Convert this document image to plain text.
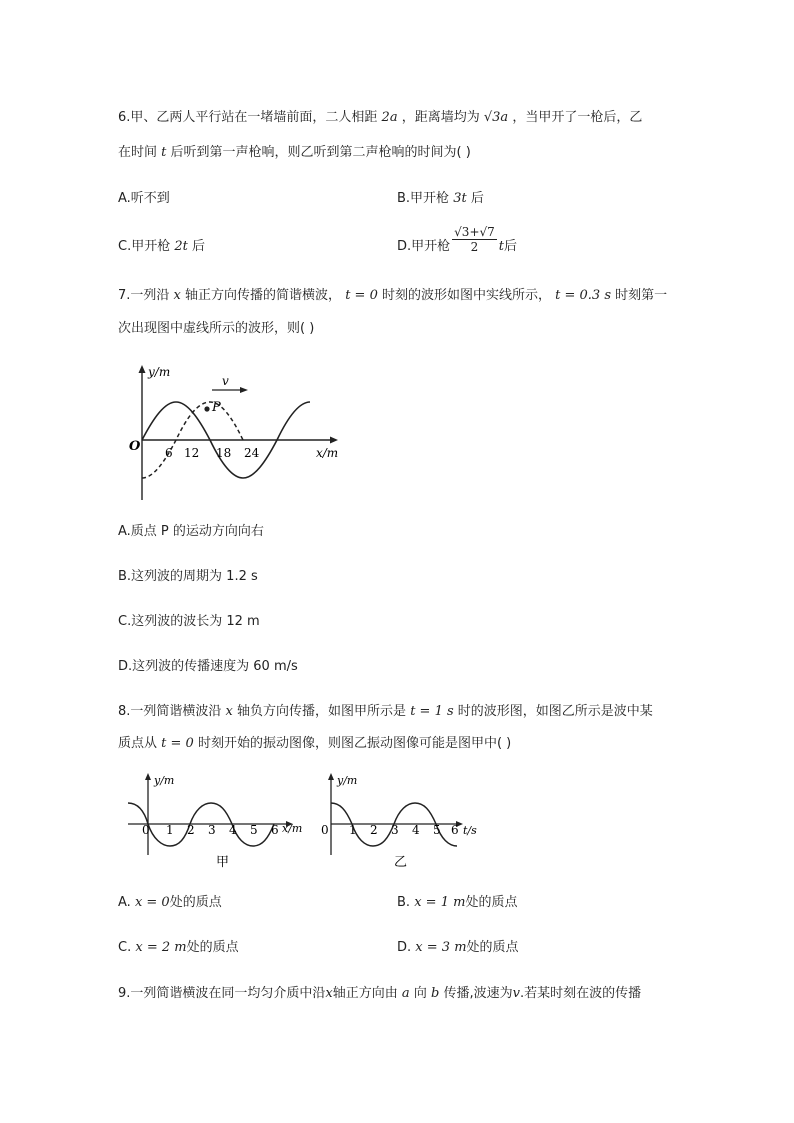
6.甲、乙两人平行站在一堵墙前面，二人相距 2a ，距离墙均为 √3a ，当甲开了一枪后，乙
在时间 t 后听到第一声枪响，则乙听到第二声枪响的时间为( )
A.听不到	B.甲开枪 3t 后
C.甲开枪 2t 后	D.甲开枪 $\frac{√3+√7}{2}$ t后
7.一列沿 x 轴正方向传播的简谐横波， t = 0 时刻的波形如图中实线所示， t = 0.3 s 时刻第一
次出现图中虚线所示的波形，则( )
P
v
y/m
x/m
O 6 12 18 24
A.质点 P 的运动方向向右
B.这列波的周期为 1.2 s
C.这列波的波长为 12 m
D.这列波的传播速度为 60 m/s
8.一列简谐横波沿 x 轴负方向传播，如图甲所示是 t = 1 s 时的波形图，如图乙所示是波中某
质点从 t = 0 时刻开始的振动图像，则图乙振动图像可能是图甲中( )
y/m
x/m
0 1 2 3 4 5 6
甲
y/m
t/s
0 1 2 3 4 5 6
乙
A. x = 0处的质点	B. x = 1 m处的质点
C. x = 2 m处的质点	D. x = 3 m处的质点
9.一列简谐横波在同一均匀介质中沿x轴正方向由 a 向 b 传播,波速为v.若某时刻在波的传播
